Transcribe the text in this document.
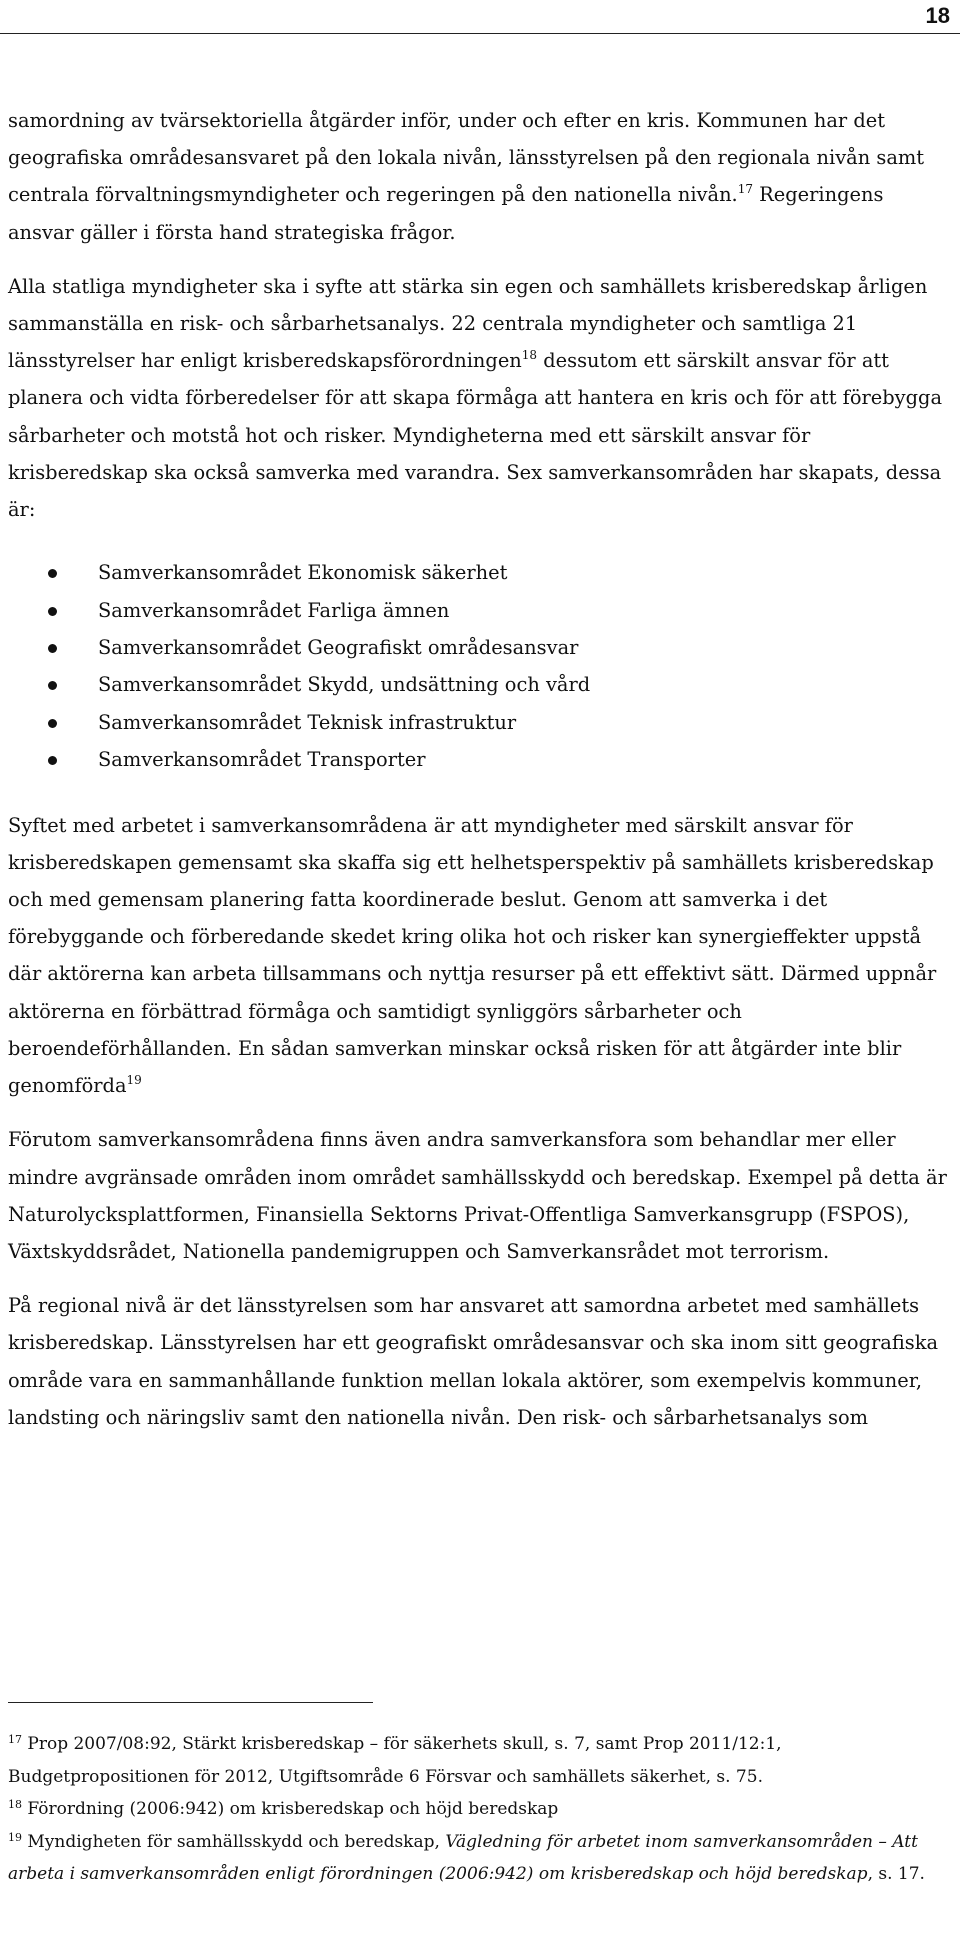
18

samordning av tvärsektoriella åtgärder inför, under och efter en kris. Kommunen har det geografiska områdesansvaret på den lokala nivån, länsstyrelsen på den regionala nivån samt centrala förvaltningsmyndigheter och regeringen på den nationella nivån.$^{17}$ Regeringens ansvar gäller i första hand strategiska frågor.

Alla statliga myndigheter ska i syfte att stärka sin egen och samhällets krisberedskap årligen sammanställa en risk- och sårbarhetsanalys. 22 centrala myndigheter och samtliga 21 länsstyrelser har enligt krisberedskapsförordningen$^{18}$ dessutom ett särskilt ansvar för att planera och vidta förberedelser för att skapa förmåga att hantera en kris och för att förebygga sårbarheter och motstå hot och risker. Myndigheterna med ett särskilt ansvar för krisberedskap ska också samverka med varandra. Sex samverkansområden har skapats, dessa är:

Samverkansområdet Ekonomisk säkerhet
Samverkansområdet Farliga ämnen
Samverkansområdet Geografiskt områdesansvar
Samverkansområdet Skydd, undsättning och vård
Samverkansområdet Teknisk infrastruktur
Samverkansområdet Transporter

Syftet med arbetet i samverkansområdena är att myndigheter med särskilt ansvar för krisberedskapen gemensamt ska skaffa sig ett helhetsperspektiv på samhällets krisberedskap och med gemensam planering fatta koordinerade beslut. Genom att samverka i det förebyggande och förberedande skedet kring olika hot och risker kan synergieffekter uppstå där aktörerna kan arbeta tillsammans och nyttja resurser på ett effektivt sätt. Därmed uppnår aktörerna en förbättrad förmåga och samtidigt synliggörs sårbarheter och beroendeförhållanden. En sådan samverkan minskar också risken för att åtgärder inte blir genomförda$^{19}$

Förutom samverkansområdena finns även andra samverkansfora som behandlar mer eller mindre avgränsade områden inom området samhällsskydd och beredskap. Exempel på detta är Naturolycksplattformen, Finansiella Sektorns Privat-Offentliga Samverkansgrupp (FSPOS), Växtskyddsrådet, Nationella pandemigruppen och Samverkansrådet mot terrorism.

På regional nivå är det länsstyrelsen som har ansvaret att samordna arbetet med samhällets krisberedskap. Länsstyrelsen har ett geografiskt områdesansvar och ska inom sitt geografiska område vara en sammanhållande funktion mellan lokala aktörer, som exempelvis kommuner, landsting och näringsliv samt den nationella nivån. Den risk- och sårbarhetsanalys som

$^{17}$ Prop 2007/08:92, Stärkt krisberedskap – för säkerhets skull, s. 7, samt Prop 2011/12:1, Budgetpropositionen för 2012, Utgiftsområde 6 Försvar och samhällets säkerhet, s. 75.

$^{18}$ Förordning (2006:942) om krisberedskap och höjd beredskap

$^{19}$ Myndigheten för samhällsskydd och beredskap, Vägledning för arbetet inom samverkansområden – Att arbeta i samverkansområden enligt förordningen (2006:942) om krisberedskap och höjd beredskap, s. 17.
